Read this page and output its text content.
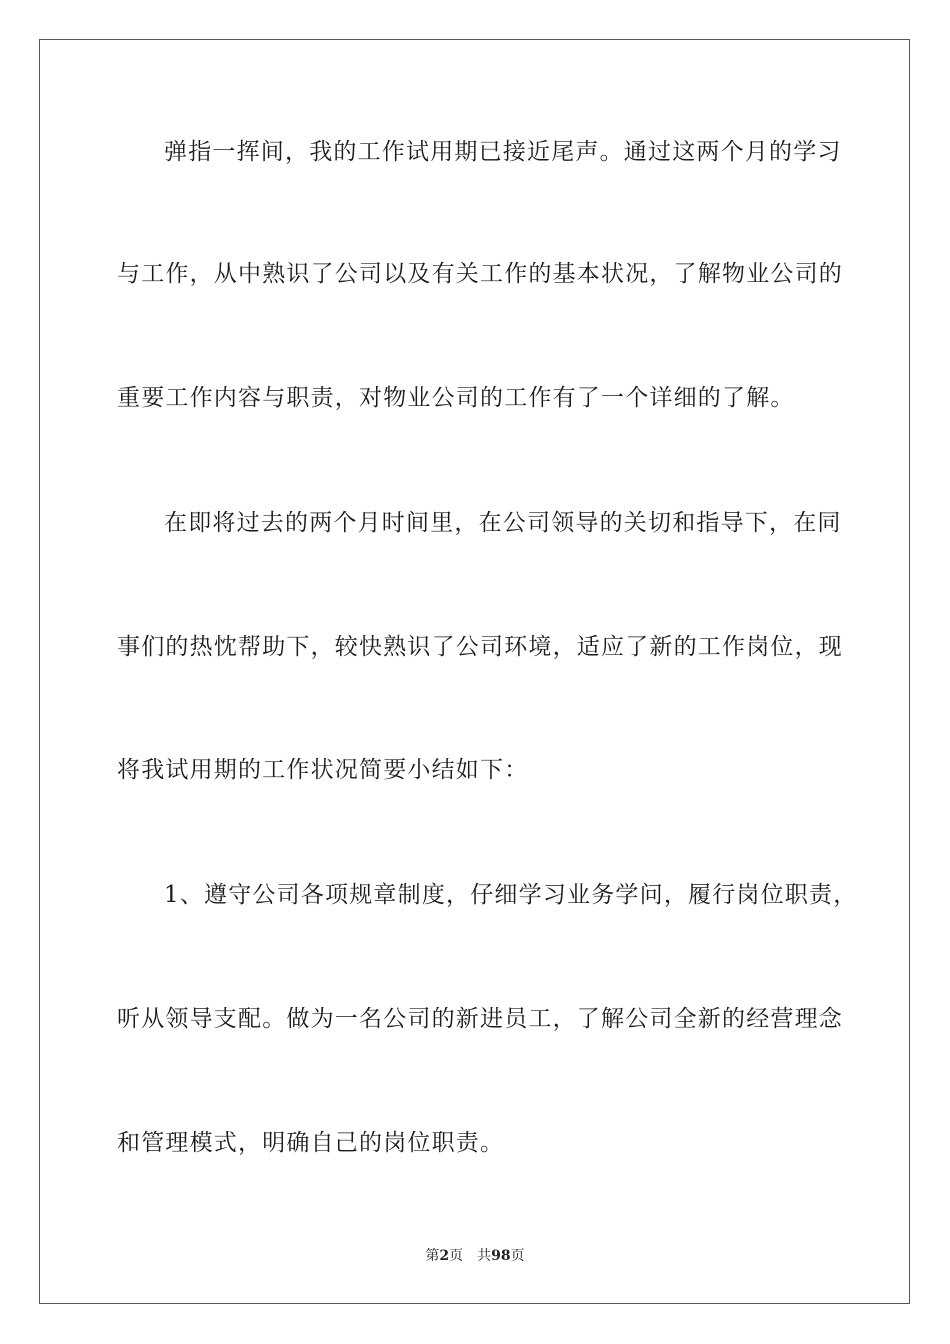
弹指一挥间，我的工作试用期已接近尾声。通过这两个月的学习
与工作，从中熟识了公司以及有关工作的基本状况，了解物业公司的
重要工作内容与职责，对物业公司的工作有了一个详细的了解。
在即将过去的两个月时间里，在公司领导的关切和指导下，在同
事们的热忱帮助下，较快熟识了公司环境，适应了新的工作岗位，现
将我试用期的工作状况简要小结如下：
1、遵守公司各项规章制度，仔细学习业务学问，履行岗位职责，
听从领导支配。做为一名公司的新进员工，了解公司全新的经营理念
和管理模式，明确自己的岗位职责。
第2页 共98页
